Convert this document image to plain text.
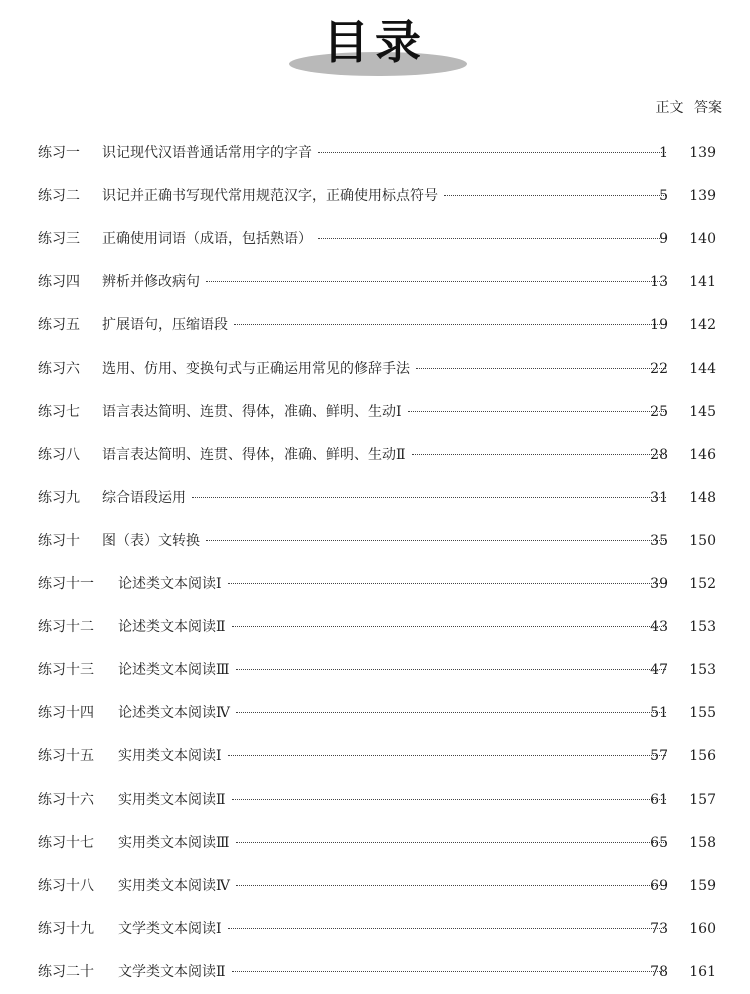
目录
正文 答案
练习一 识记现代汉语普通话常用字的字音	1	139
练习二 识记并正确书写现代常用规范汉字，正确使用标点符号	5	139
练习三 正确使用词语（成语，包括熟语）	9	140
练习四 辨析并修改病句	13	141
练习五 扩展语句，压缩语段	19	142
练习六 选用、仿用、变换句式与正确运用常见的修辞手法	22	144
练习七 语言表达简明、连贯、得体，准确、鲜明、生动Ⅰ	25	145
练习八 语言表达简明、连贯、得体，准确、鲜明、生动Ⅱ	28	146
练习九 综合语段运用	31	148
练习十 图（表）文转换	35	150
练习十一 论述类文本阅读Ⅰ	39	152
练习十二 论述类文本阅读Ⅱ	43	153
练习十三 论述类文本阅读Ⅲ	47	153
练习十四 论述类文本阅读Ⅳ	51	155
练习十五 实用类文本阅读Ⅰ	57	156
练习十六 实用类文本阅读Ⅱ	61	157
练习十七 实用类文本阅读Ⅲ	65	158
练习十八 实用类文本阅读Ⅳ	69	159
练习十九 文学类文本阅读Ⅰ	73	160
练习二十 文学类文本阅读Ⅱ	78	161
